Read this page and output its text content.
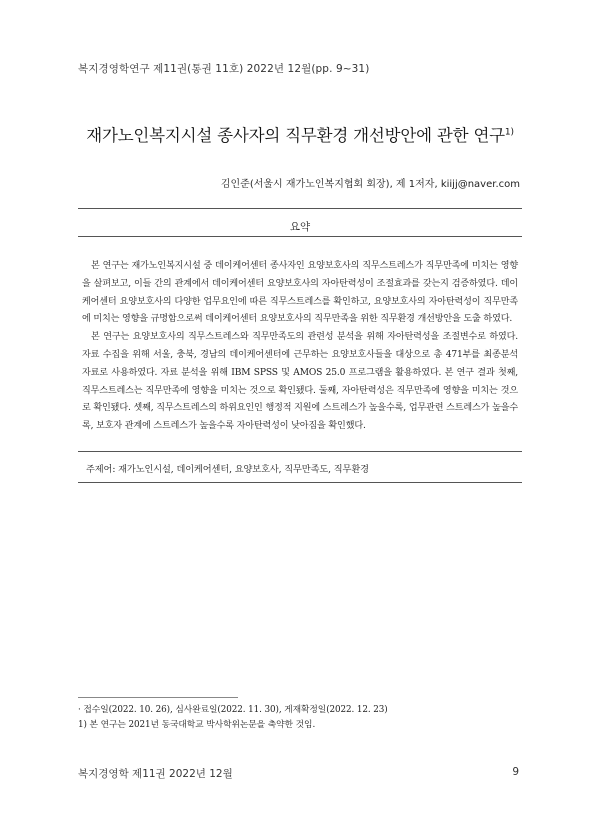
복지경영학연구 제11권(통권 11호) 2022년 12월(pp. 9~31)
재가노인복지시설 종사자의 직무환경 개선방안에 관한 연구$^{1)}$
김인준(서울시 재가노인복지협회 회장), 제 1저자, kiijj@naver.com
요약

본 연구는 재가노인복지시설 중 데이케어센터 종사자인 요양보호사의 직무스트레스가 직무만족에 미치는 영향을 살펴보고, 이들 간의 관계에서 데이케어센터 요양보호사의 자아탄력성이 조절효과를 갖는지 검증하였다. 데이케어센터 요양보호사의 다양한 업무요인에 따른 직무스트레스를 확인하고, 요양보호사의 자아탄력성이 직무만족에 미치는 영향을 규명함으로써 데이케어센터 요양보호사의 직무만족을 위한 직무환경 개선방안을 도출 하였다.

본 연구는 요양보호사의 직무스트레스와 직무만족도의 관련성 분석을 위해 자아탄력성을 조절변수로 하였다. 자료 수집을 위해 서울, 충북, 경남의 데이케어센터에 근무하는 요양보호사들을 대상으로 총 471부를 최종분석 자료로 사용하였다. 자료 분석을 위해 IBM SPSS 및 AMOS 25.0 프로그램을 활용하였다. 본 연구 결과 첫째, 직무스트레스는 직무만족에 영향을 미치는 것으로 확인됐다. 둘째, 자아탄력성은 직무만족에 영향을 미치는 것으로 확인됐다. 셋째, 직무스트레스의 하위요인인 행정적 지원에 스트레스가 높을수록, 업무관련 스트레스가 높을수록, 보호자 관계에 스트레스가 높을수록 자아탄력성이 낮아짐을 확인했다.

주제어: 재가노인시설, 데이케어센터, 요양보호사, 직무만족도, 직무환경
· 접수일(2022. 10. 26), 심사완료일(2022. 11. 30), 게재확정일(2022. 12. 23)
1) 본 연구는 2021년 동국대학교 박사학위논문을 축약한 것임.
복지경영학 제11권 2022년 12월	9
